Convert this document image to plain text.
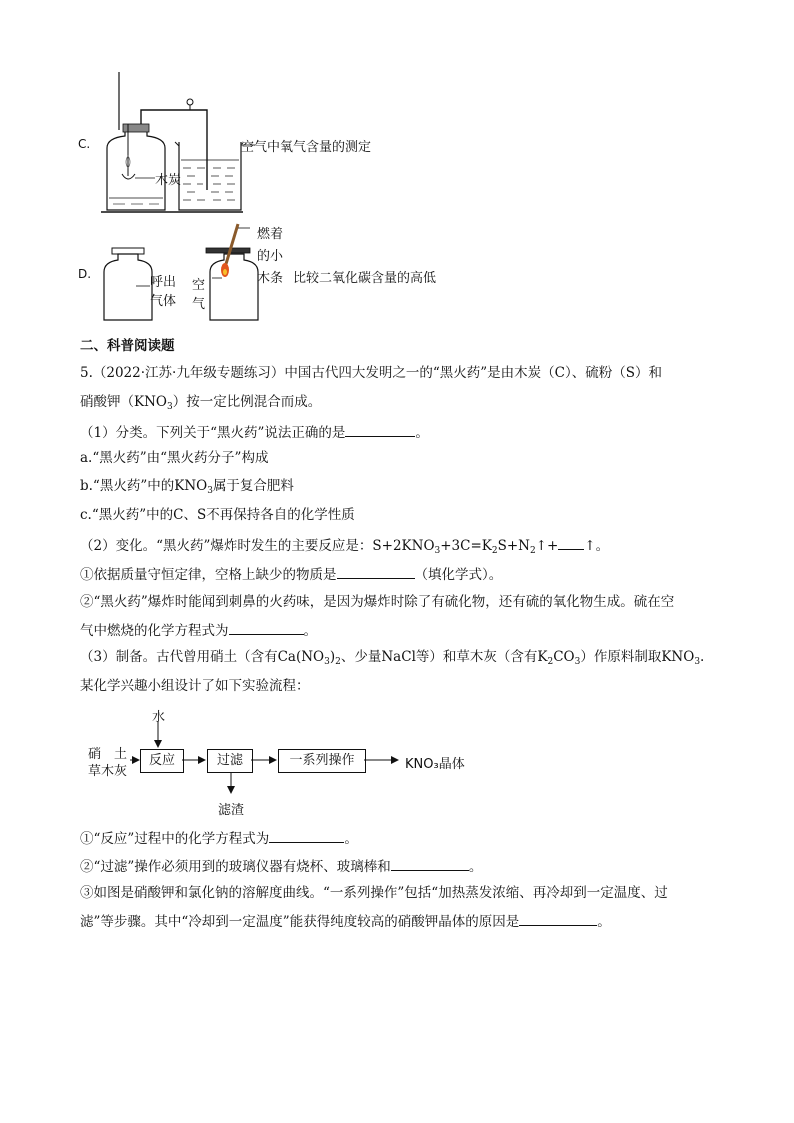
C.
木炭
空气中氧气含量的测定
D.
呼出
气体
空
气
燃着
的小
木条 比较二氧化碳含量的高低
二、科普阅读题
5.（2022·江苏·九年级专题练习）中国古代四大发明之一的“黑火药”是由木炭（C）、硫粉（S）和
硝酸钾$(KNO_3)$按一定比例混合而成。
（1）分类。下列关于“黑火药”说法正确的是	。
a.“黑火药”由“黑火药分子”构成
b.“黑火药”中的$KNO_3$属于复合肥料
c.“黑火药”中的C、S不再保持各自的化学性质
（2）变化。“黑火药”爆炸时发生的主要反应是：$S+2KNO_3+3C=K_2S+N_2↑+$ ↑。
①依据质量守恒定律，空格上缺少的物质是	（填化学式）。
②“黑火药”爆炸时能闻到刺鼻的火药味，是因为爆炸时除了有硫化物，还有硫的氧化物生成。硫在空
气中燃烧的化学方程式为	。
（3）制备。古代曾用硝土（含有$Ca(NO_3)_2$、少量NaCl等）和草木灰（含有$K_2CO_3$）作原料制取$KNO_3$.
某化学兴趣小组设计了如下实验流程：
水
硝　土
草木灰
反应	过滤	一系列操作
滤渣
KNO₃晶体
①“反应”过程中的化学方程式为	。
②“过滤”操作必须用到的玻璃仪器有烧杯、玻璃棒和	。
③如图是硝酸钾和氯化钠的溶解度曲线。“一系列操作”包括“加热蒸发浓缩、再冷却到一定温度、过
滤”等步骤。其中“冷却到一定温度”能获得纯度较高的硝酸钾晶体的原因是	。
